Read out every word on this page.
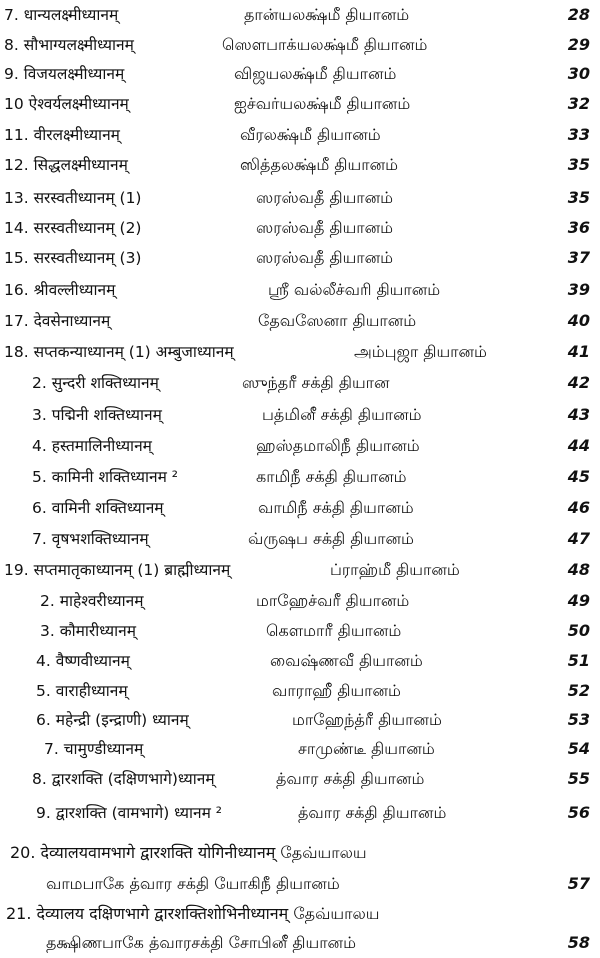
7. धान्यलक्ष्मीध्यानम्	தான்யலக்ஷ்மீ தியானம்	28
8. सौभाग्यलक्ष्मीध्यानम्	ஸௌபாக்யலக்ஷ்மீ தியானம்	29
9. विजयलक्ष्मीध्यानम्	விஜயலக்ஷ்மீ தியானம்	30
10 ऐश्वर्यलक्ष्मीध्यानम्	ஐச்வர்யலக்ஷ்மீ தியானம்	32
11. वीरलक्ष्मीध्यानम्	வீரலக்ஷ்மீ தியானம்	33
12. सिद्धलक्ष्मीध्यानम्	ஸித்தலக்ஷ்மீ தியானம்	35
13. सरस्वतीध्यानम् (1)	ஸரஸ்வதீ தியானம்	35
14. सरस्वतीध्यानम् (2)	ஸரஸ்வதீ தியானம்	36
15. सरस्वतीध्यानम् (3)	ஸரஸ்வதீ தியானம்	37
16. श्रीवल्लीध्यानम्	ஸ்ரீ வல்லீச்வரி தியானம்	39
17. देवसेनाध्यानम्	தேவஸேனா தியானம்	40
18. सप्तकन्याध्यानम् (1) अम्बुजाध्यानम्	அம்புஜா தியானம்	41
2. सुन्दरी शक्तिध्यानम्	ஸுந்தரீ சக்தி தியான	42
3. पद्मिनी शक्तिध्यानम्	பத்மினீ சக்தி தியானம்	43
4. हस्तमालिनीध्यानम्	ஹஸ்தமாலிநீ தியானம்	44
5. कामिनी शक्तिध्यानम ²	காமிநீ சக்தி தியானம்	45
6. वामिनी शक्तिध्यानम्	வாமிநீ சக்தி தியானம்	46
7. वृषभशक्तिध्यानम्	வ்ருஷப சக்தி தியானம்	47
19. सप्तमातृकाध्यानम् (1) ब्राह्मीध्यानम्	ப்ராஹ்மீ தியானம்	48
2. माहेश्वरीध्यानम्	மாஹேச்வரீ தியானம்	49
3. कौमारीध्यानम्	கௌமாரீ தியானம்	50
4. वैष्णवीध्यानम्	வைஷ்ணவீ தியானம்	51
5. वाराहीध्यानम्	வாராஹீ தியானம்	52
6. महेन्द्री (इन्द्राणी) ध्यानम्	மாஹேந்த்ரீ தியானம்	53
7. चामुण्डीध्यानम्	சாமுண்டீ தியானம்	54
8. द्वारशक्ति (दक्षिणभागे)ध्यानम्	த்வார சக்தி தியானம்	55
9. द्वारशक्ति (वामभागे) ध्यानम ²	த்வார சக்தி தியானம்	56
20. देव्यालयवामभागे द्वारशक्ति योगिनीध्यानम् தேவ்யாலய
வாமபாகே த்வார சக்தி யோகிநீ தியானம்	57
21. देव्यालय दक्षिणभागे द्वारशक्तिशोभिनीध्यानम् தேவ்யாலய
தக்ஷிணபாகே த்வாரசக்தி சோபினீ தியானம்	58
